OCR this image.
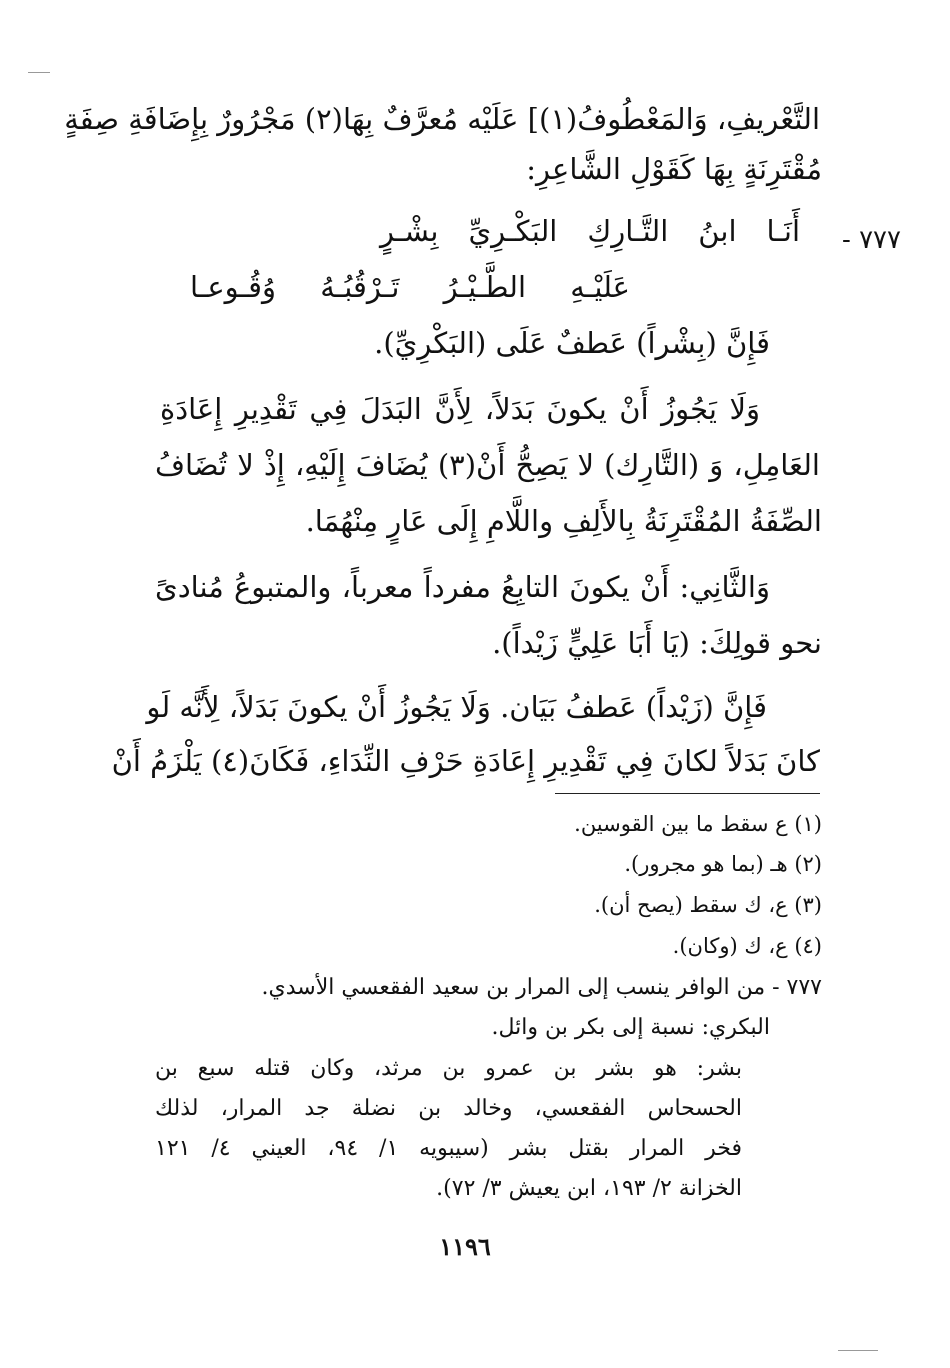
التَّعْريفِ، وَالمَعْطُوفُ(١)] عَلَيْه مُعرَّفٌ بِهَا(٢) مَجْرُورٌ بِإِضَافَةِ صِفَةٍ
مُقْتَرِنَةٍ بِهَا كَقَوْلِ الشَّاعِرِ:
٧٧٧ -
أَنَـا ابنُ التَّـارِكِ البَكْـرِيِّ بِشْـرٍ
عَلَيْـهِ الطَّـيْـرُ تَـرْقُبُـهُ وُقُـوعـا
فَإِنَّ (بِشْراً) عَطفٌ عَلَى (البَكْرِيِّ).
وَلَا يَجُوزُ أَنْ يكونَ بَدَلاً، لِأَنَّ البَدَلَ فِي تَقْدِيرِ إِعَادَةِ
العَامِلِ، وَ (التَّارِك) لا يَصِحُّ أَنْ(٣) يُضَافَ إِلَيْهِ، إِذْ لا تُضَافُ
الصِّفَةُ المُقْتَرِنَةُ بِالأَلِفِ واللَّامِ إِلَى عَارٍ مِنْهُمَا.
وَالثَّانِي: أَنْ يكونَ التابِعُ مفرداً معرباً، والمتبوعُ مُنادىً
نحو قولِكَ: (يَا أَبَا عَلِيٍّ زَيْداً).
فَإِنَّ (زَيْداً) عَطفُ بَيَان. وَلَا يَجُوزُ أَنْ يكونَ بَدَلاً، لِأَنَّه لَو
كانَ بَدَلاً لكانَ فِي تَقْدِيرِ إِعَادَةِ حَرْفِ النِّدَاءِ، فَكَانَ(٤) يَلْزَمُ أَنْ
(١) ع سقط ما بين القوسين.
(٢) هـ (بما هو مجرور).
(٣) ع، ك سقط (يصح أن).
(٤) ع، ك (وكان).
٧٧٧ - من الوافر ينسب إلى المرار بن سعيد الفقعسي الأسدي.
البكري: نسبة إلى بكر بن وائل.
بشر: هو بشر بن عمرو بن مرثد، وكان قتله سبع بن
الحسحاس الفقعسي، وخالد بن نضلة جد المرار، لذلك
فخر المرار بقتل بشر (سيبويه ١/ ٩٤، العيني ٤/ ١٢١
الخزانة ٢/ ١٩٣، ابن يعيش ٣/ ٧٢).
١١٩٦
